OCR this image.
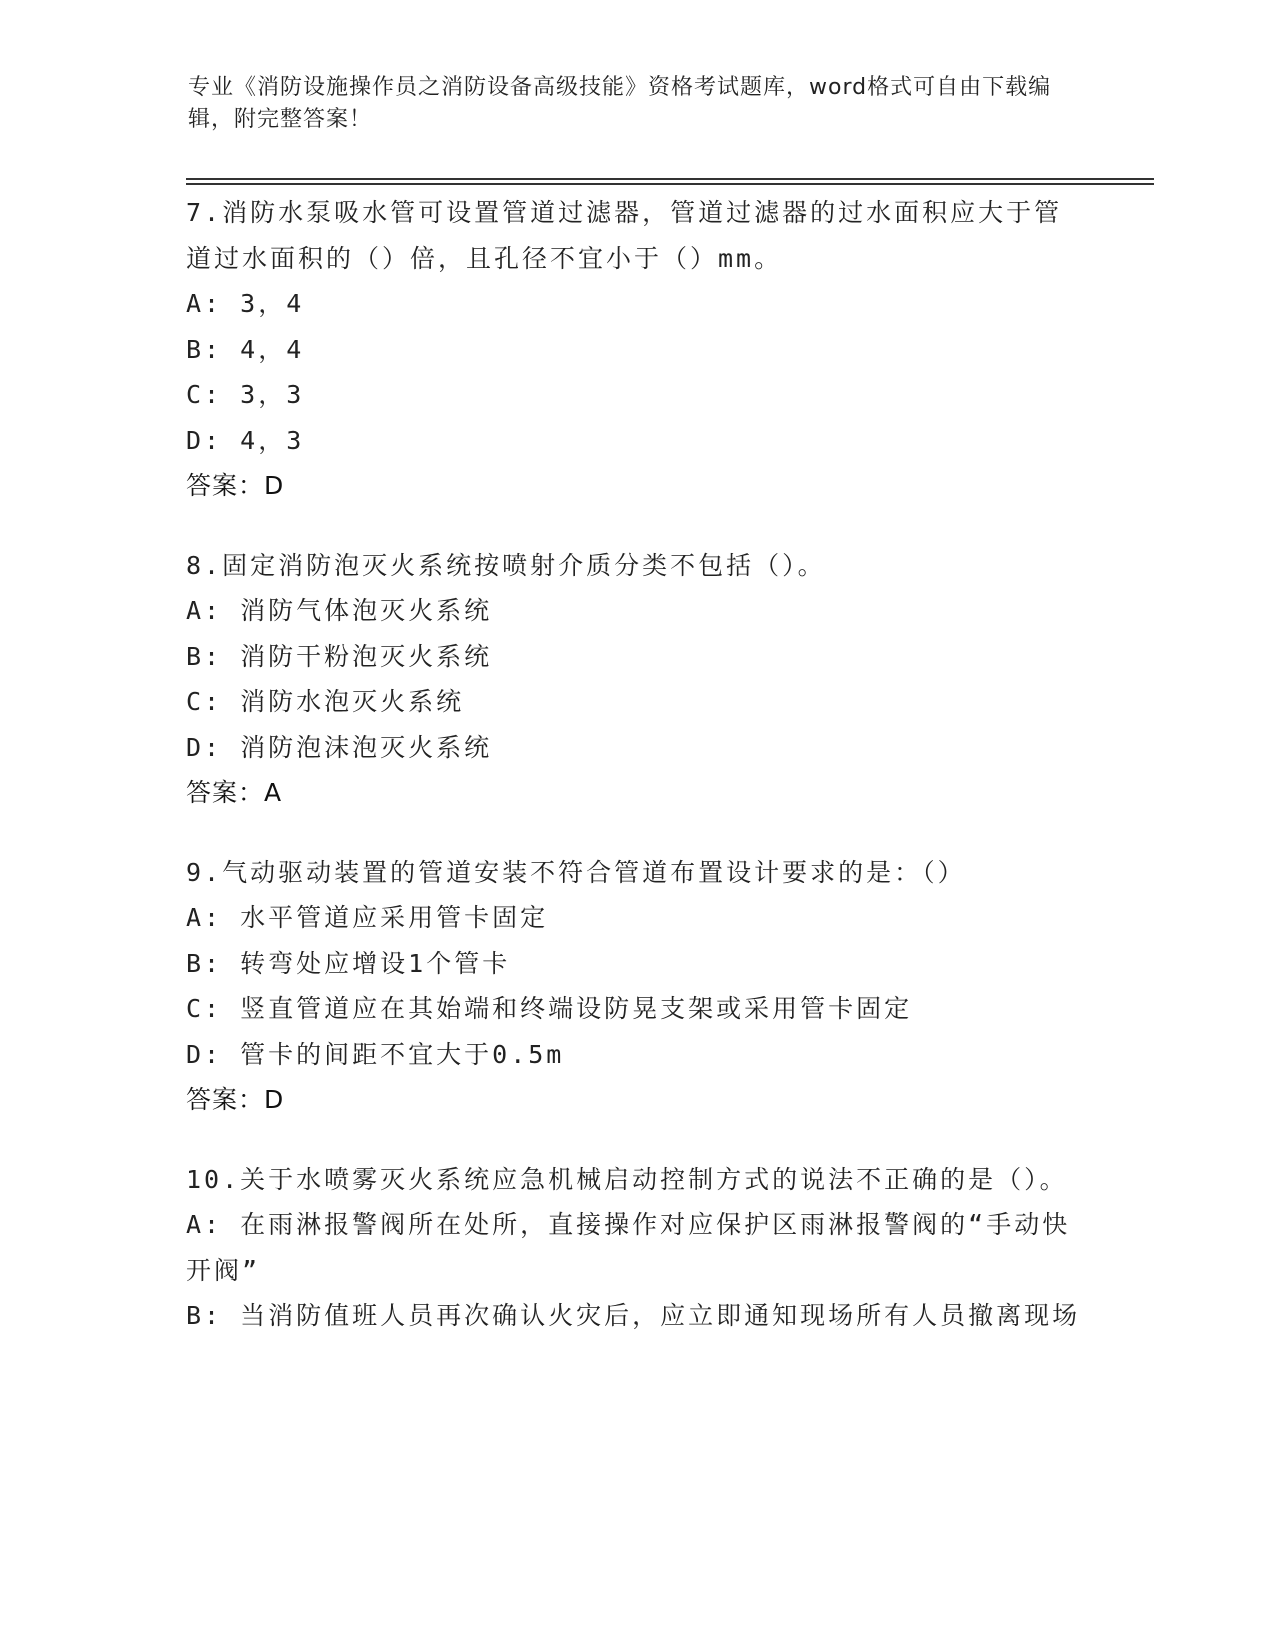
专业《消防设施操作员之消防设备高级技能》资格考试题库，word格式可自由下载编辑，附完整答案！

7.消防水泵吸水管可设置管道过滤器，管道过滤器的过水面积应大于管道过水面积的（）倍，且孔径不宜小于（）mm。

A: 3，4

B: 4，4

C: 3，3

D: 4，3

答案：D

8.固定消防泡灭火系统按喷射介质分类不包括（）。

A: 消防气体泡灭火系统

B: 消防干粉泡灭火系统

C: 消防水泡灭火系统

D: 消防泡沫泡灭火系统

答案：A

9.气动驱动装置的管道安装不符合管道布置设计要求的是：（）

A: 水平管道应采用管卡固定

B: 转弯处应增设1个管卡

C: 竖直管道应在其始端和终端设防晃支架或采用管卡固定

D: 管卡的间距不宜大于0.5m

答案：D

10.关于水喷雾灭火系统应急机械启动控制方式的说法不正确的是（）。

A: 在雨淋报警阀所在处所，直接操作对应保护区雨淋报警阀的“手动快开阀”

B: 当消防值班人员再次确认火灾后，应立即通知现场所有人员撤离现场
